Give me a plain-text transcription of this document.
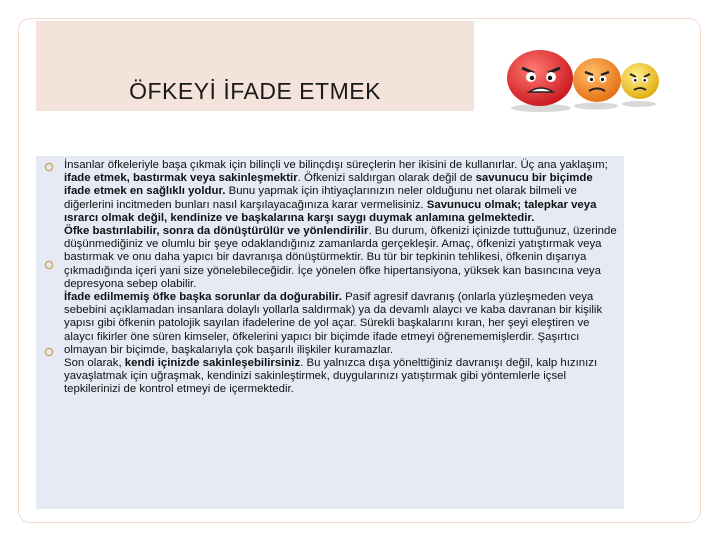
ÖFKEYİ İFADE ETMEK

İnsanlar öfkeleriyle başa çıkmak için bilinçli ve bilinçdışı süreçlerin her ikisini de kullanırlar. Üç ana yaklaşım; ifade etmek, bastırmak veya sakinleşmektir. Öfkenizi saldırgan olarak değil de savunucu bir biçimde ifade etmek en sağlıklı yoldur. Bunu yapmak için ihtiyaçlarınızın neler olduğunu net olarak bilmeli ve diğerlerini incitmeden bunları nasıl karşılayacağınıza karar vermelisiniz. Savunucu olmak; talepkar veya ısrarcı olmak değil, kendinize ve başkalarına karşı saygı duymak anlamına gelmektedir.

Öfke bastırılabilir, sonra da dönüştürülür ve yönlendirilir. Bu durum, öfkenizi içinizde tuttuğunuz, üzerinde düşünmediğiniz ve olumlu bir şeye odaklandığınız zamanlarda gerçekleşir. Amaç, öfkenizi yatıştırmak veya bastırmak ve onu daha yapıcı bir davranışa dönüştürmektir. Bu tür bir tepkinin tehlikesi, öfkenin dışarıya çıkmadığında içeri yani size yönelebileceğidir. İçe yönelen öfke hipertansiyona, yüksek kan basıncına veya depresyona sebep olabilir.

İfade edilmemiş öfke başka sorunlar da doğurabilir. Pasif agresif davranış (onlarla yüzleşmeden veya sebebini açıklamadan insanlara dolaylı yollarla saldırmak) ya da devamlı alaycı ve kaba davranan bir kişilik yapısı gibi öfkenin patolojik sayılan ifadelerine de yol açar. Sürekli başkalarını kıran, her şeyi eleştiren ve alaycı fikirler öne süren kimseler, öfkelerini yapıcı bir biçimde ifade etmeyi öğrenememişlerdir. Şaşırtıcı olmayan bir biçimde, başkalarıyla çok başarılı ilişkiler kuramazlar.
Son olarak, kendi içinizde sakinleşebilirsiniz. Bu yalnızca dışa yönelttiğiniz davranışı değil, kalp hızınızı yavaşlatmak için uğraşmak, kendinizi sakinleştirmek, duygularınızı yatıştırmak gibi yöntemlerle içsel tepkilerinizi de kontrol etmeyi de içermektedir.
